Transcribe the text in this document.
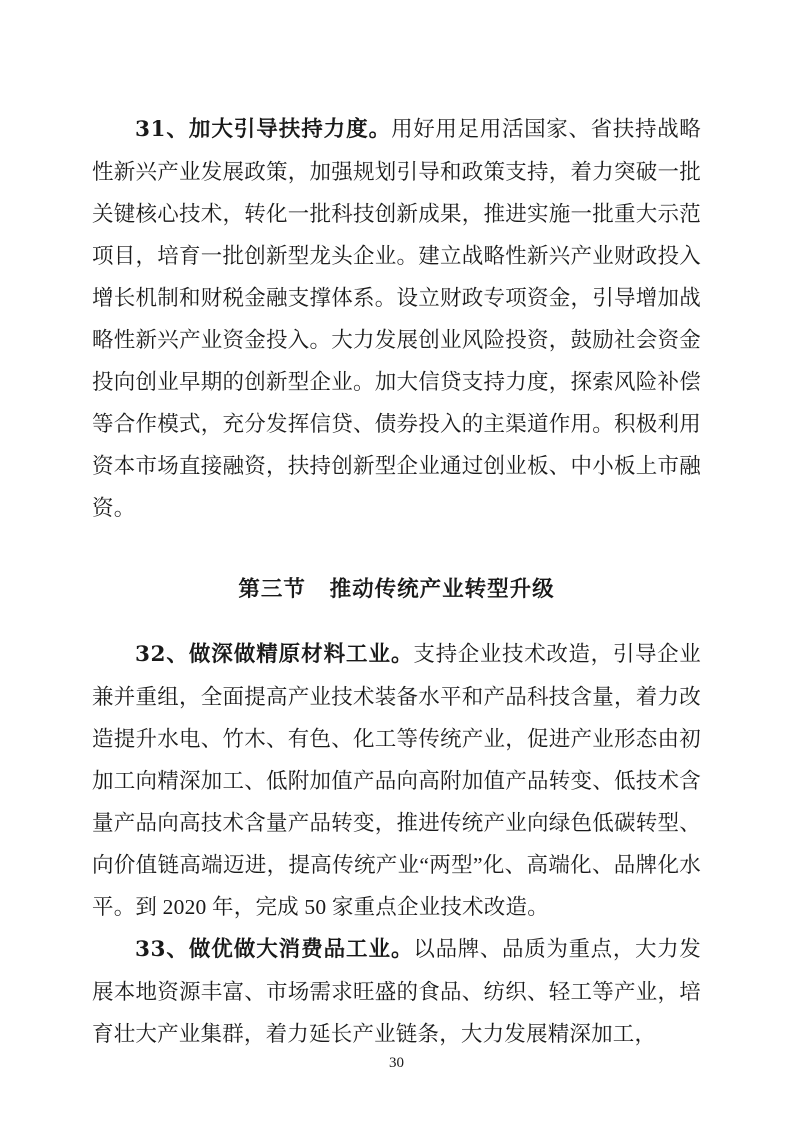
31、加大引导扶持力度。用好用足用活国家、省扶持战略性新兴产业发展政策，加强规划引导和政策支持，着力突破一批关键核心技术，转化一批科技创新成果，推进实施一批重大示范项目，培育一批创新型龙头企业。建立战略性新兴产业财政投入增长机制和财税金融支撑体系。设立财政专项资金，引导增加战略性新兴产业资金投入。大力发展创业风险投资，鼓励社会资金投向创业早期的创新型企业。加大信贷支持力度，探索风险补偿等合作模式，充分发挥信贷、债券投入的主渠道作用。积极利用资本市场直接融资，扶持创新型企业通过创业板、中小板上市融资。

第三节 推动传统产业转型升级

32、做深做精原材料工业。支持企业技术改造，引导企业兼并重组，全面提高产业技术装备水平和产品科技含量，着力改造提升水电、竹木、有色、化工等传统产业，促进产业形态由初加工向精深加工、低附加值产品向高附加值产品转变、低技术含量产品向高技术含量产品转变，推进传统产业向绿色低碳转型、向价值链高端迈进，提高传统产业“两型”化、高端化、品牌化水平。到 2020 年，完成 50 家重点企业技术改造。

33、做优做大消费品工业。以品牌、品质为重点，大力发展本地资源丰富、市场需求旺盛的食品、纺织、轻工等产业，培育壮大产业集群，着力延长产业链条，大力发展精深加工，

30
